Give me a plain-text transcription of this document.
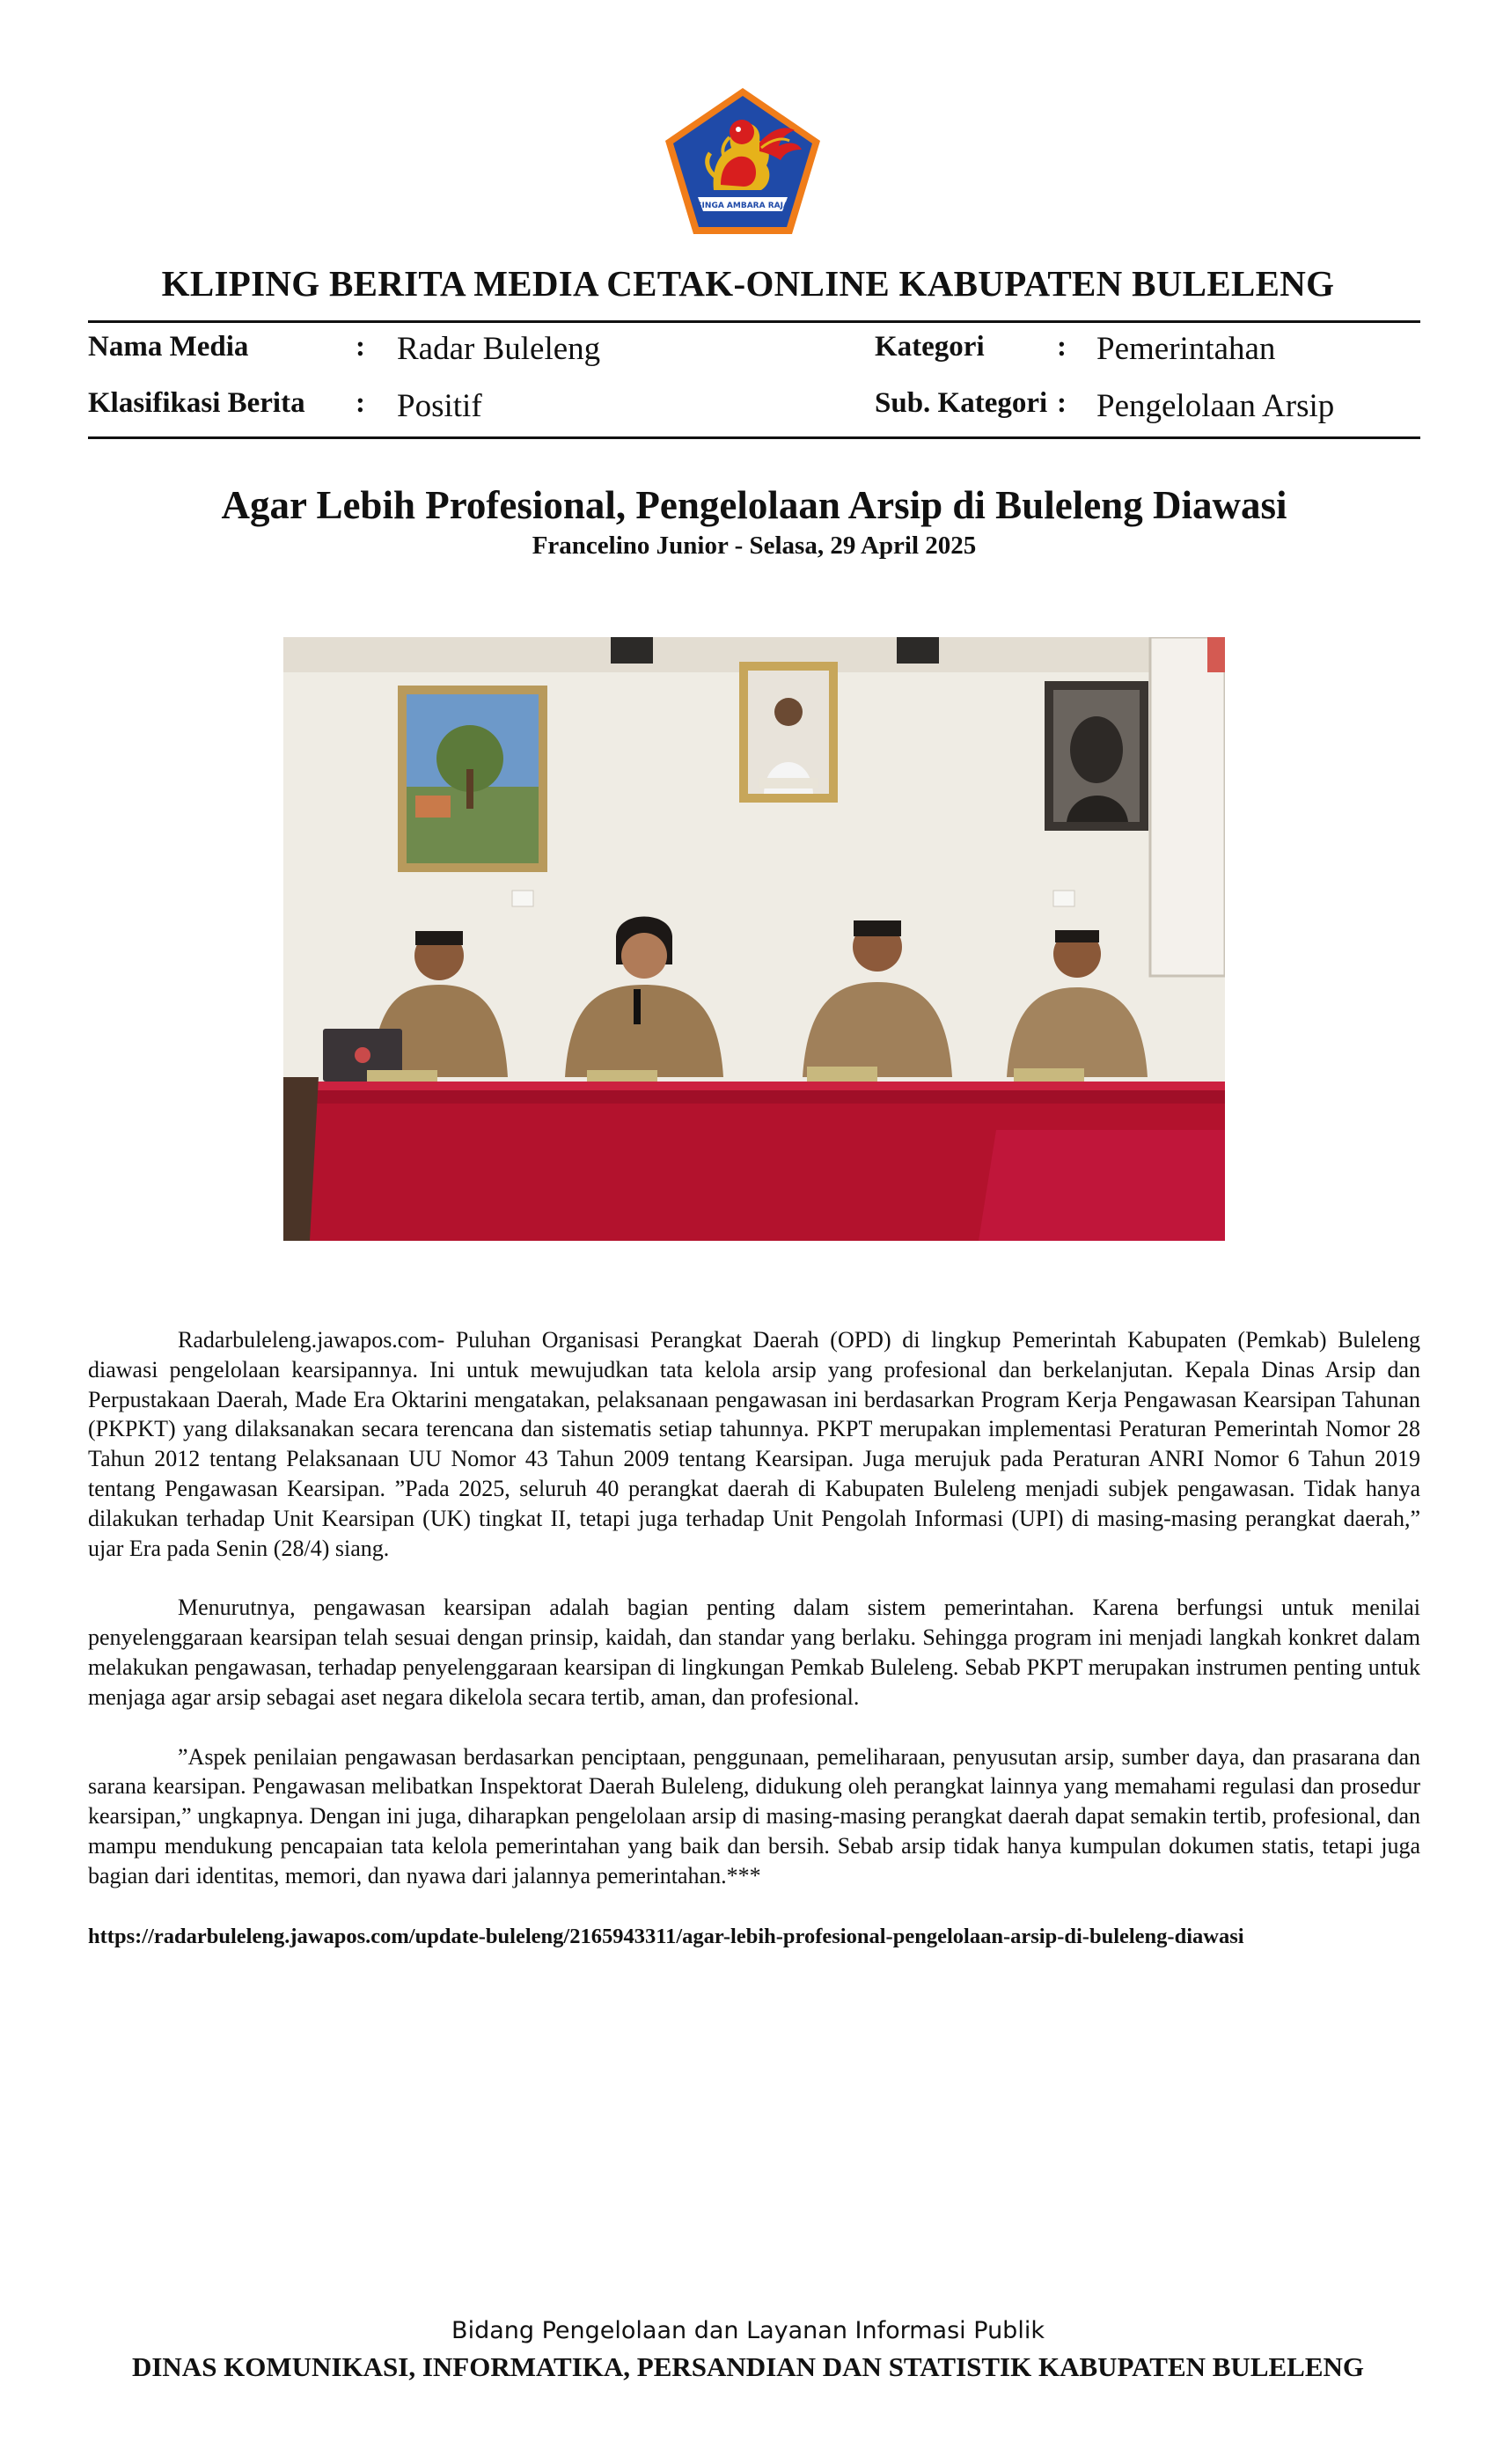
SINGA AMBARA RAJA
KLIPING BERITA MEDIA CETAK-ONLINE KABUPATEN BULELENG
Nama Media	: Radar Buleleng	Kategori : Pemerintahan
Klasifikasi Berita : Positif	Sub. Kategori : Pengelolaan Arsip
Agar Lebih Profesional, Pengelolaan Arsip di Buleleng Diawasi
Francelino Junior - Selasa, 29 April 2025

Radarbuleleng.jawapos.com- Puluhan Organisasi Perangkat Daerah (OPD) di lingkup Pemerintah Kabupaten (Pemkab) Buleleng diawasi pengelolaan kearsipannya. Ini untuk mewujudkan tata kelola arsip yang profesional dan berkelanjutan. Kepala Dinas Arsip dan Perpustakaan Daerah, Made Era Oktarini mengatakan, pelaksanaan pengawasan ini berdasarkan Program Kerja Pengawasan Kearsipan Tahunan (PKPKT) yang dilaksanakan secara terencana dan sistematis setiap tahunnya. PKPT merupakan implementasi Peraturan Pemerintah Nomor 28 Tahun 2012 tentang Pelaksanaan UU Nomor 43 Tahun 2009 tentang Kearsipan. Juga merujuk pada Peraturan ANRI Nomor 6 Tahun 2019 tentang Pengawasan Kearsipan. ”Pada 2025, seluruh 40 perangkat daerah di Kabupaten Buleleng menjadi subjek pengawasan. Tidak hanya dilakukan terhadap Unit Kearsipan (UK) tingkat II, tetapi juga terhadap Unit Pengolah Informasi (UPI) di masing-masing perangkat daerah,” ujar Era pada Senin (28/4) siang.

Menurutnya, pengawasan kearsipan adalah bagian penting dalam sistem pemerintahan. Karena berfungsi untuk menilai penyelenggaraan kearsipan telah sesuai dengan prinsip, kaidah, dan standar yang berlaku. Sehingga program ini menjadi langkah konkret dalam melakukan pengawasan, terhadap penyelenggaraan kearsipan di lingkungan Pemkab Buleleng. Sebab PKPT merupakan instrumen penting untuk menjaga agar arsip sebagai aset negara dikelola secara tertib, aman, dan profesional.

”Aspek penilaian pengawasan berdasarkan penciptaan, penggunaan, pemeliharaan, penyusutan arsip, sumber daya, dan prasarana dan sarana kearsipan. Pengawasan melibatkan Inspektorat Daerah Buleleng, didukung oleh perangkat lainnya yang memahami regulasi dan prosedur kearsipan,” ungkapnya. Dengan ini juga, diharapkan pengelolaan arsip di masing-masing perangkat daerah dapat semakin tertib, profesional, dan mampu mendukung pencapaian tata kelola pemerintahan yang baik dan bersih. Sebab arsip tidak hanya kumpulan dokumen statis, tetapi juga bagian dari identitas, memori, dan nyawa dari jalannya pemerintahan.***

https://radarbuleleng.jawapos.com/update-buleleng/2165943311/agar-lebih-profesional-pengelolaan-arsip-di-buleleng-diawasi
Bidang Pengelolaan dan Layanan Informasi Publik
DINAS KOMUNIKASI, INFORMATIKA, PERSANDIAN DAN STATISTIK KABUPATEN BULELENG
